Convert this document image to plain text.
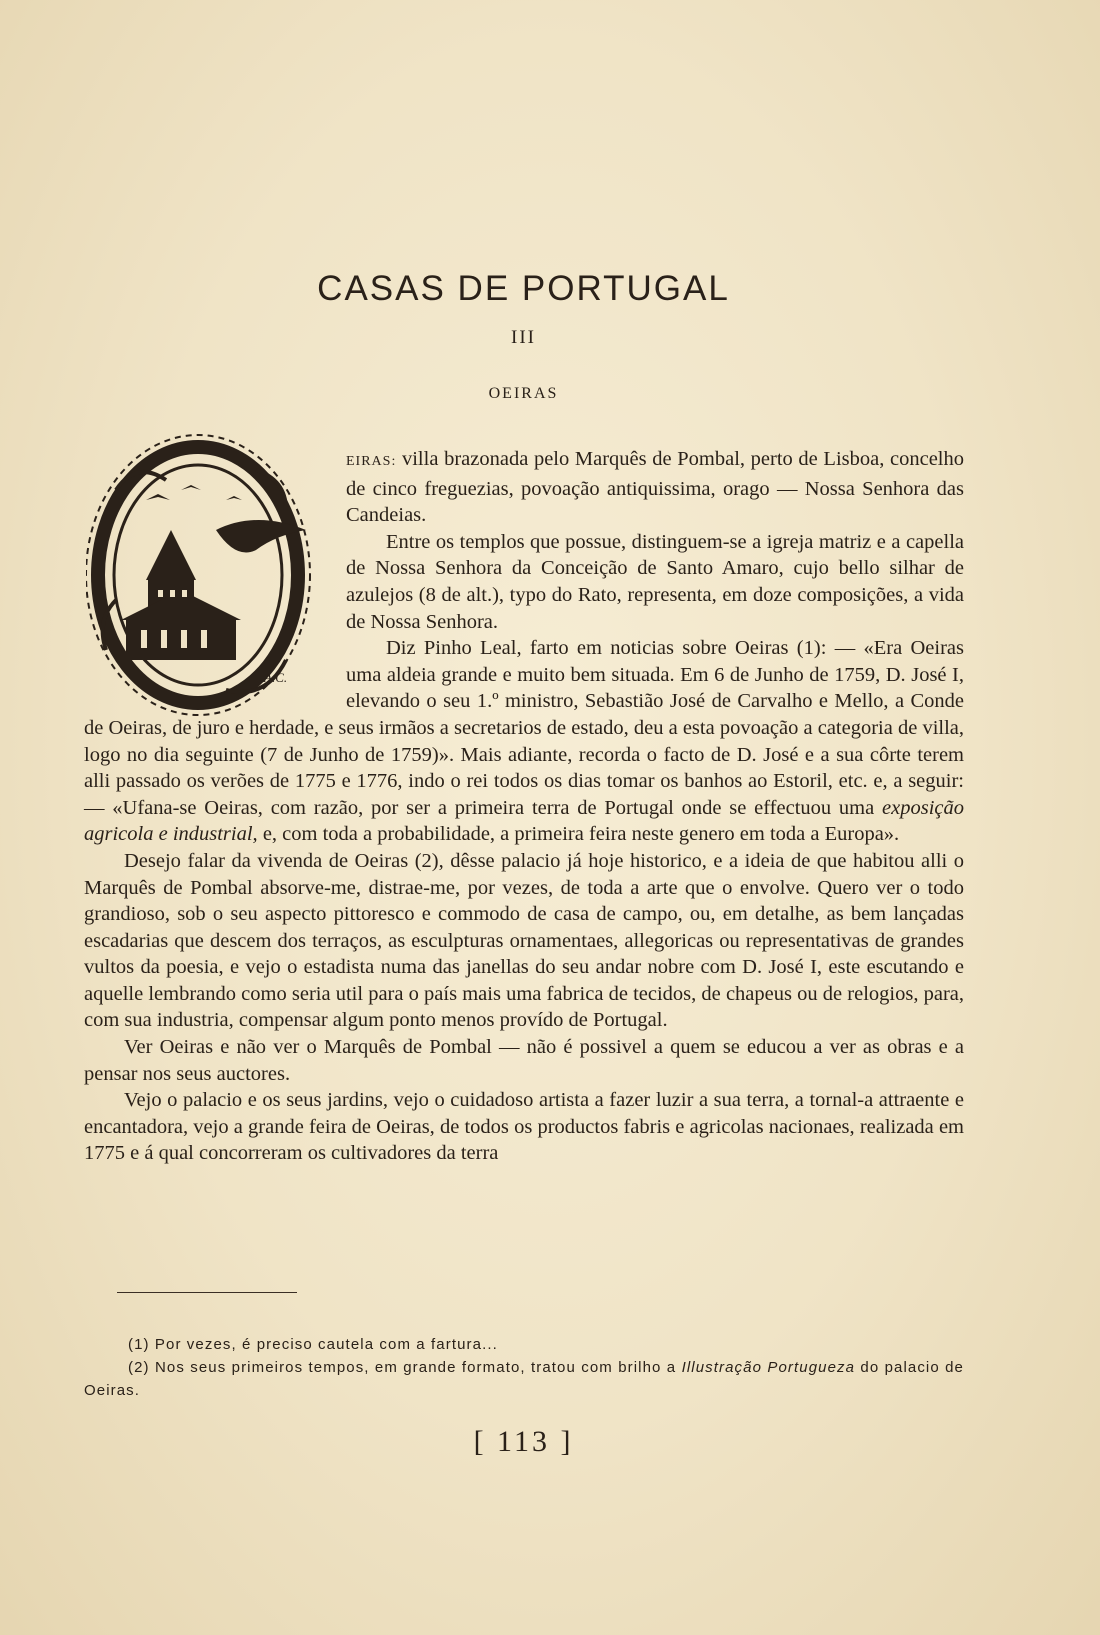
CASAS DE PORTUGAL
III
OEIRAS
A.C.

EIRAS: villa brazonada pelo Marquês de Pombal, perto de Lisboa, concelho de cinco freguezias, povoação antiquissima, orago — Nossa Senhora das Candeias.

Entre os templos que possue, distinguem-se a igreja matriz e a capella de Nossa Senhora da Conceição de Santo Amaro, cujo bello silhar de azulejos (8 de alt.), typo do Rato, representa, em doze composições, a vida de Nossa Senhora.

Diz Pinho Leal, farto em noticias sobre Oeiras (1): — «Era Oeiras uma aldeia grande e muito bem situada. Em 6 de Junho de 1759, D. José I, elevando o seu 1.º ministro, Sebastião José de Carvalho e Mello, a Conde de Oeiras, de juro e herdade, e seus irmãos a secretarios de estado, deu a esta povoação a categoria de villa, logo no dia seguinte (7 de Junho de 1759)». Mais adiante, recorda o facto de D. José e a sua côrte terem alli passado os verões de 1775 e 1776, indo o rei todos os dias tomar os banhos ao Estoril, etc. e, a seguir: — «Ufana-se Oeiras, com razão, por ser a primeira terra de Portugal onde se effectuou uma exposição agricola e industrial, e, com toda a probabilidade, a primeira feira neste genero em toda a Europa».

Desejo falar da vivenda de Oeiras (2), dêsse palacio já hoje historico, e a ideia de que habitou alli o Marquês de Pombal absorve-me, distrae-me, por vezes, de toda a arte que o envolve. Quero ver o todo grandioso, sob o seu aspecto pittoresco e commodo de casa de campo, ou, em detalhe, as bem lançadas escadarias que descem dos terraços, as esculpturas ornamentaes, allegoricas ou representativas de grandes vultos da poesia, e vejo o estadista numa das janellas do seu andar nobre com D. José I, este escutando e aquelle lembrando como seria util para o país mais uma fabrica de tecidos, de chapeus ou de relogios, para, com sua industria, compensar algum ponto menos provído de Portugal.

Ver Oeiras e não ver o Marquês de Pombal — não é possivel a quem se educou a ver as obras e a pensar nos seus auctores.

Vejo o palacio e os seus jardins, vejo o cuidadoso artista a fazer luzir a sua terra, a tornal-a attraente e encantadora, vejo a grande feira de Oeiras, de todos os productos fabris e agricolas nacionaes, realizada em 1775 e á qual concorreram os cultivadores da terra

(1) Por vezes, é preciso cautela com a fartura...

(2) Nos seus primeiros tempos, em grande formato, tratou com brilho a Illustração Portugueza do palacio de Oeiras.

[ 113 ]
